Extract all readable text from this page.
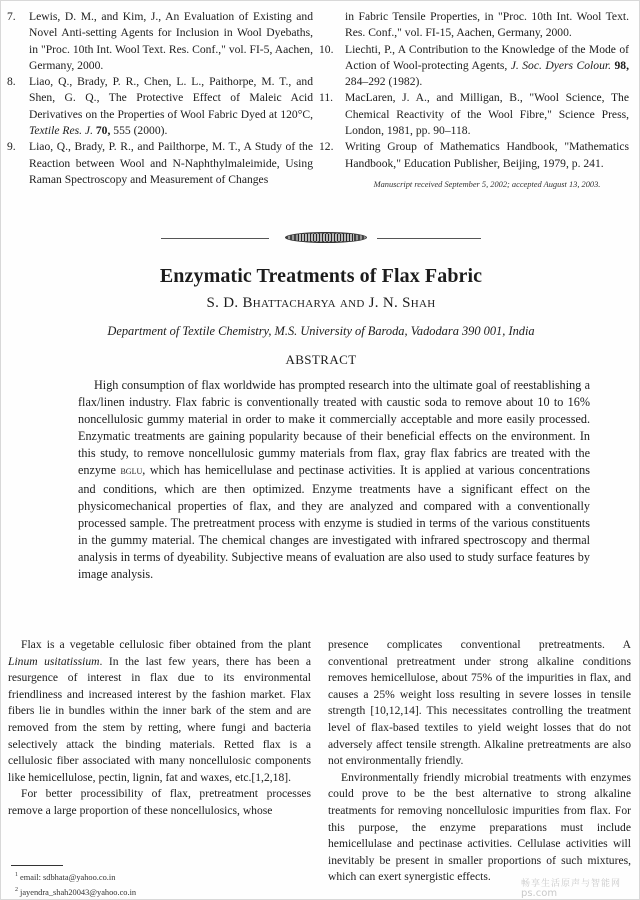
7.	Lewis, D. M., and Kim, J., An Evaluation of Existing and Novel Anti-setting Agents for Inclusion in Wool Dyebaths, in "Proc. 10th Int. Wool Text. Res. Conf.," vol. FI-5, Aachen, Germany, 2000.
8.	Liao, Q., Brady, P. R., Chen, L. L., Paithorpe, M. T., and Shen, G. Q., The Protective Effect of Maleic Acid Derivatives on the Properties of Wool Fabric Dyed at 120°C, Textile Res. J. 70, 555 (2000).
9.	Liao, Q., Brady, P. R., and Pailthorpe, M. T., A Study of the Reaction between Wool and N-Naphthylmaleimide, Using Raman Spectroscopy and Measurement of Changes
in Fabric Tensile Properties, in "Proc. 10th Int. Wool Text. Res. Conf.," vol. FI-15, Aachen, Germany, 2000.
10. Liechti, P., A Contribution to the Knowledge of the Mode of Action of Wool-protecting Agents, J. Soc. Dyers Colour. 98, 284–292 (1982).
11.	MacLaren, J. A., and Milligan, B., "Wool Science, The Chemical Reactivity of the Wool Fibre," Science Press, London, 1981, pp. 90–118.
12. Writing Group of Mathematics Handbook, "Mathematics Handbook," Education Publisher, Beijing, 1979, p. 241.
Manuscript received September 5, 2002; accepted August 13, 2003.
Enzymatic Treatments of Flax Fabric
S. D. Bhattacharya and J. N. Shah
Department of Textile Chemistry, M.S. University of Baroda, Vadodara 390 001, India
ABSTRACT
High consumption of flax worldwide has prompted research into the ultimate goal of reestablishing a flax/linen industry. Flax fabric is conventionally treated with caustic soda to remove about 10 to 16% noncellulosic gummy material in order to make it commercially acceptable and more easily processed. Enzymatic treatments are gaining popularity because of their beneficial effects on the environment. In this study, to remove noncellulosic gummy materials from flax, gray flax fabrics are treated with the enzyme bglu, which has hemicellulase and pectinase activities. It is applied at various concentrations and conditions, which are then optimized. Enzyme treatments have a significant effect on the physicomechanical properties of flax, and they are analyzed and compared with a conventionally processed sample. The pretreatment process with enzyme is studied in terms of the various constituents in the gummy material. The chemical changes are investigated with infrared spectroscopy and thermal analysis in terms of dyeability. Subjective means of evaluation are also used to study surface features by image analysis.

Flax is a vegetable cellulosic fiber obtained from the plant Linum usitatissium. In the last few years, there has been a resurgence of interest in flax due to its environmental friendliness and increased interest by the fashion market. Flax fibers lie in bundles within the inner bark of the stem and are removed from the stem by retting, where fungi and bacteria selectively attack the binding materials. Retted flax is a cellulosic fiber associated with many noncellulosic components like hemicellulose, pectin, lignin, fat and waxes, etc.[1,2,18].

For better processibility of flax, pretreatment processes remove a large proportion of these noncellulosics, whose

presence complicates conventional pretreatments. A conventional pretreatment under strong alkaline conditions removes hemicellulose, about 75% of the impurities in flax, and causes a 25% weight loss resulting in severe losses in tensile strength [10,12,14]. This necessitates controlling the treatment level of flax-based textiles to yield weight losses that do not adversely affect tensile strength. Alkaline pretreatments are also not environmentally friendly.

Environmentally friendly microbial treatments with enzymes could prove to be the best alternative to strong alkaline treatments for removing noncellulosic impurities from flax. For this purpose, the enzyme preparations must include hemicellulase and pectinase activities. Cellulase activities will inevitably be present in smaller proportions of such mixtures, which can exert synergistic effects.

$^1$ email: sdbhata@yahoo.co.in
$^2$ jayendra_shah20043@yahoo.co.in
畅享生活原声与智能网
ps.com
